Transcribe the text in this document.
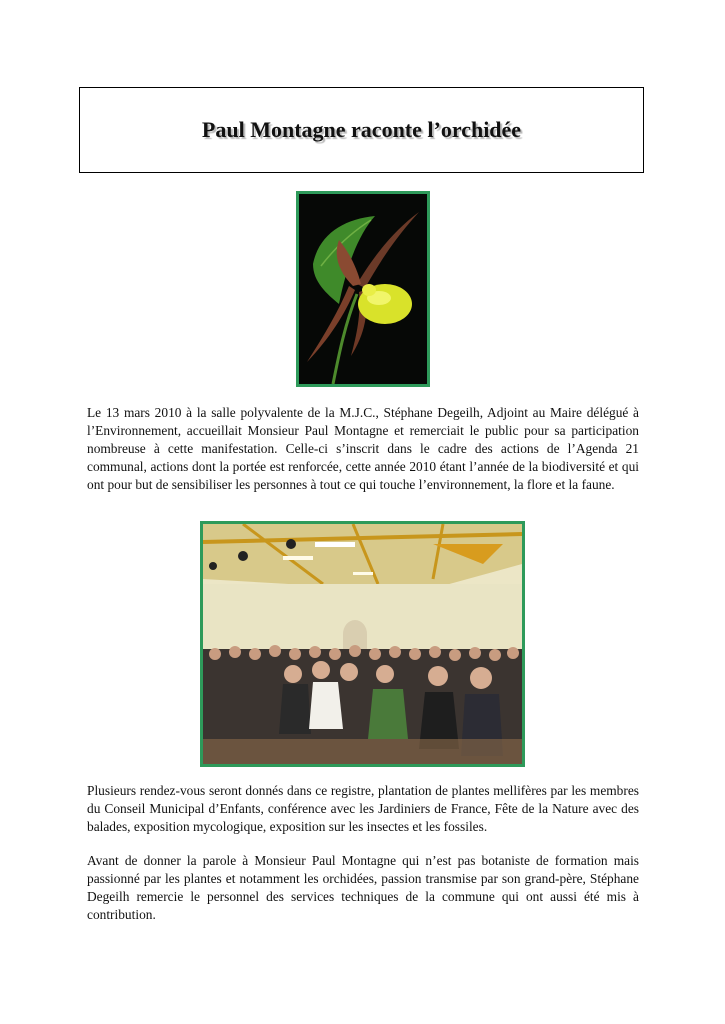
Paul Montagne raconte l’orchidée

Le 13 mars 2010 à la salle polyvalente de la M.J.C., Stéphane Degeilh, Adjoint au Maire délégué à l’Environnement, accueillait Monsieur Paul Montagne et remerciait le public pour sa participation nombreuse à cette manifestation. Celle-ci s’inscrit dans le cadre des actions de l’Agenda 21 communal, actions dont la portée est renforcée, cette année 2010 étant l’année de la biodiversité et qui ont pour but de sensibiliser les personnes à tout ce qui touche l’environnement, la flore et la faune.

Plusieurs rendez-vous seront donnés dans ce registre, plantation de plantes mellifères par les membres du Conseil Municipal d’Enfants, conférence avec les Jardiniers de France, Fête de la Nature avec des balades, exposition mycologique, exposition sur les insectes et les fossiles.

Avant de donner la parole à Monsieur Paul Montagne qui n’est pas botaniste de formation mais passionné par les plantes et notamment les orchidées, passion transmise par son grand-père, Stéphane Degeilh remercie le personnel des services techniques de la commune qui ont aussi été mis à contribution.
